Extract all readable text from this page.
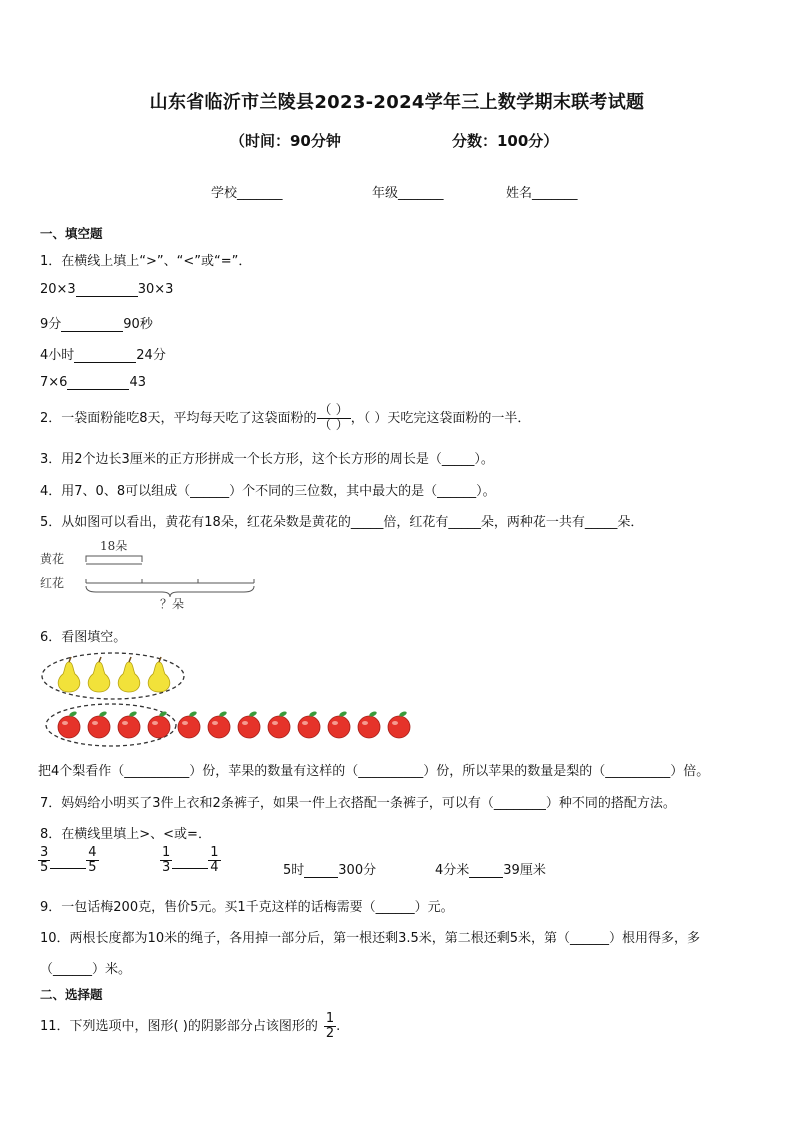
山东省临沂市兰陵县2023-2024学年三上数学期末联考试题
（时间：90分钟	分数：100分）
学校_______	年级_______	姓名_______
一、填空题
1．在横线上填上“>”、“<”或“=”．
20×3	30×3
9分	90秒
4小时	24分
7×6	43
2．一袋面粉能吃8天，平均每天吃了这袋面粉的 $\frac{( )}{( )}$ ，（ ）天吃完这袋面粉的一半．
3．用2个边长3厘米的正方形拼成一个长方形，这个长方形的周长是（_____）。
4．用7、0、8可以组成（______）个不同的三位数，其中最大的是（______）。
5．从如图可以看出，黄花有18朵，红花朵数是黄花的_____倍，红花有_____朵，两种花一共有_____朵．
黄花
红花
18朵
？朵
6．看图填空。
把4个梨看作（__________）份，苹果的数量有这样的（__________）份，所以苹果的数量是梨的（__________）倍。
7．妈妈给小明买了3件上衣和2条裤子，如果一件上衣搭配一条裤子，可以有（________）种不同的搭配方法。
8．在横线里填上>、<或=．
$\frac{3}{5}$	$\frac{4}{5}$	$\frac{1}{3}$	$\frac{1}{4}$	5时	300分	4分米	39厘米
9．一包话梅200克，售价5元。买1千克这样的话梅需要（______）元。
10．两根长度都为10米的绳子，各用掉一部分后，第一根还剩3.5米，第二根还剩5米，第（______）根用得多，多
（______）米。
二、选择题
11．下列选项中，图形( )的阴影部分占该图形的 $\frac{1}{2}$ .
